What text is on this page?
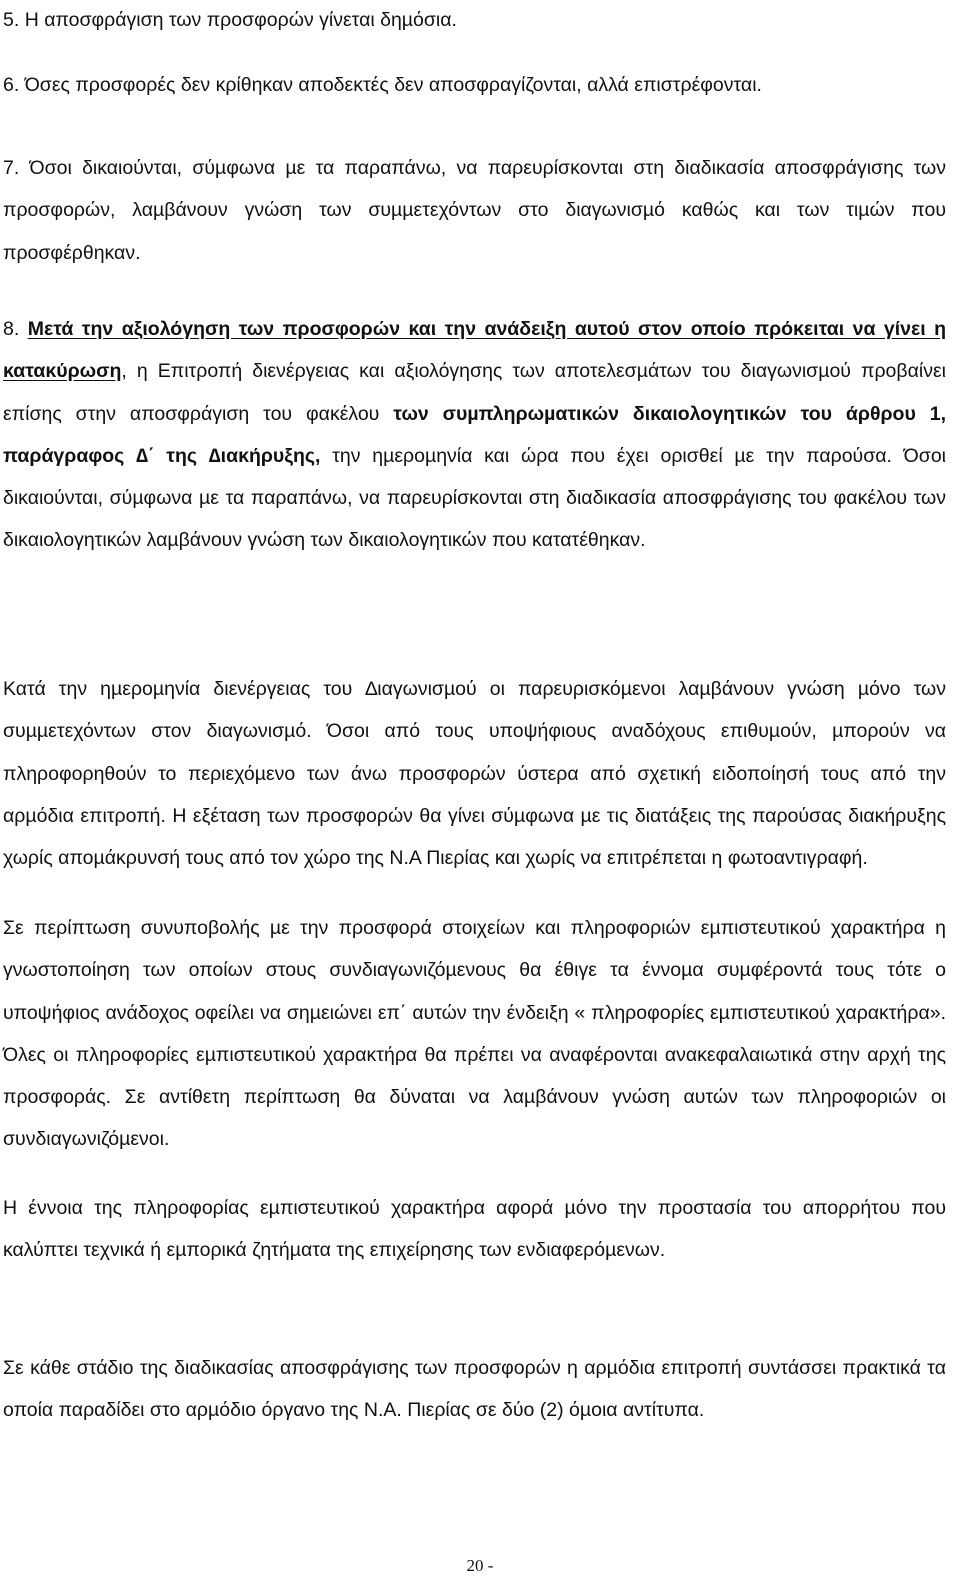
5. Η αποσφράγιση των προσφορών γίνεται δηµόσια.

6. Όσες προσφορές δεν κρίθηκαν αποδεκτές δεν αποσφραγίζονται, αλλά επιστρέφονται.

7. Όσοι δικαιούνται, σύµφωνα µε τα παραπάνω, να παρευρίσκονται στη διαδικασία αποσφράγισης των προσφορών, λαµβάνουν γνώση των συµµετεχόντων στο διαγωνισµό καθώς και των τιµών που προσφέρθηκαν.

8. Μετά την αξιολόγηση των προσφορών και την ανάδειξη αυτού στον οποίο πρόκειται να γίνει η κατακύρωση, η Επιτροπή διενέργειας και αξιολόγησης των αποτελεσµάτων του διαγωνισµού προβαίνει επίσης στην αποσφράγιση του φακέλου των συµπληρωµατικών δικαιολογητικών του άρθρου 1, παράγραφος ∆΄ της ∆ιακήρυξης, την ηµεροµηνία και ώρα που έχει ορισθεί µε την παρούσα. Όσοι δικαιούνται, σύµφωνα µε τα παραπάνω, να παρευρίσκονται στη διαδικασία αποσφράγισης του φακέλου των δικαιολογητικών λαµβάνουν γνώση των δικαιολογητικών που κατατέθηκαν.

Κατά την ηµεροµηνία διενέργειας του ∆ιαγωνισµού οι παρευρισκόµενοι λαµβάνουν γνώση µόνο των συµµετεχόντων στον διαγωνισµό. Όσοι από τους υποψήφιους αναδόχους επιθυµούν, µπορούν να πληροφορηθούν το περιεχόµενο των άνω προσφορών ύστερα από σχετική ειδοποίησή τους από την αρµόδια επιτροπή. Η εξέταση των προσφορών θα γίνει σύµφωνα µε τις διατάξεις της παρούσας διακήρυξης χωρίς αποµάκρυνσή τους από τον χώρο της Ν.Α Πιερίας και χωρίς να επιτρέπεται η φωτοαντιγραφή.

Σε περίπτωση συνυποβολής µε την προσφορά στοιχείων και πληροφοριών εµπιστευτικού χαρακτήρα η γνωστοποίηση των οποίων στους συνδιαγωνιζόµενους θα έθιγε τα έννοµα συµφέροντά τους τότε ο υποψήφιος ανάδοχος οφείλει να σηµειώνει επ΄ αυτών την ένδειξη « πληροφορίες εµπιστευτικού χαρακτήρα». Όλες οι πληροφορίες εµπιστευτικού χαρακτήρα θα πρέπει να αναφέρονται ανακεφαλαιωτικά στην αρχή της προσφοράς. Σε αντίθετη περίπτωση θα δύναται να λαµβάνουν γνώση αυτών των πληροφοριών οι συνδιαγωνιζόµενοι.

Η έννοια της πληροφορίας εµπιστευτικού χαρακτήρα αφορά µόνο την προστασία του απορρήτου που καλύπτει τεχνικά ή εµπορικά ζητήµατα της επιχείρησης των ενδιαφερόµενων.

Σε κάθε στάδιο της διαδικασίας αποσφράγισης των προσφορών η αρµόδια επιτροπή συντάσσει πρακτικά τα οποία παραδίδει στο αρµόδιο όργανο της Ν.Α. Πιερίας σε δύο (2) όµοια αντίτυπα.

20 -
